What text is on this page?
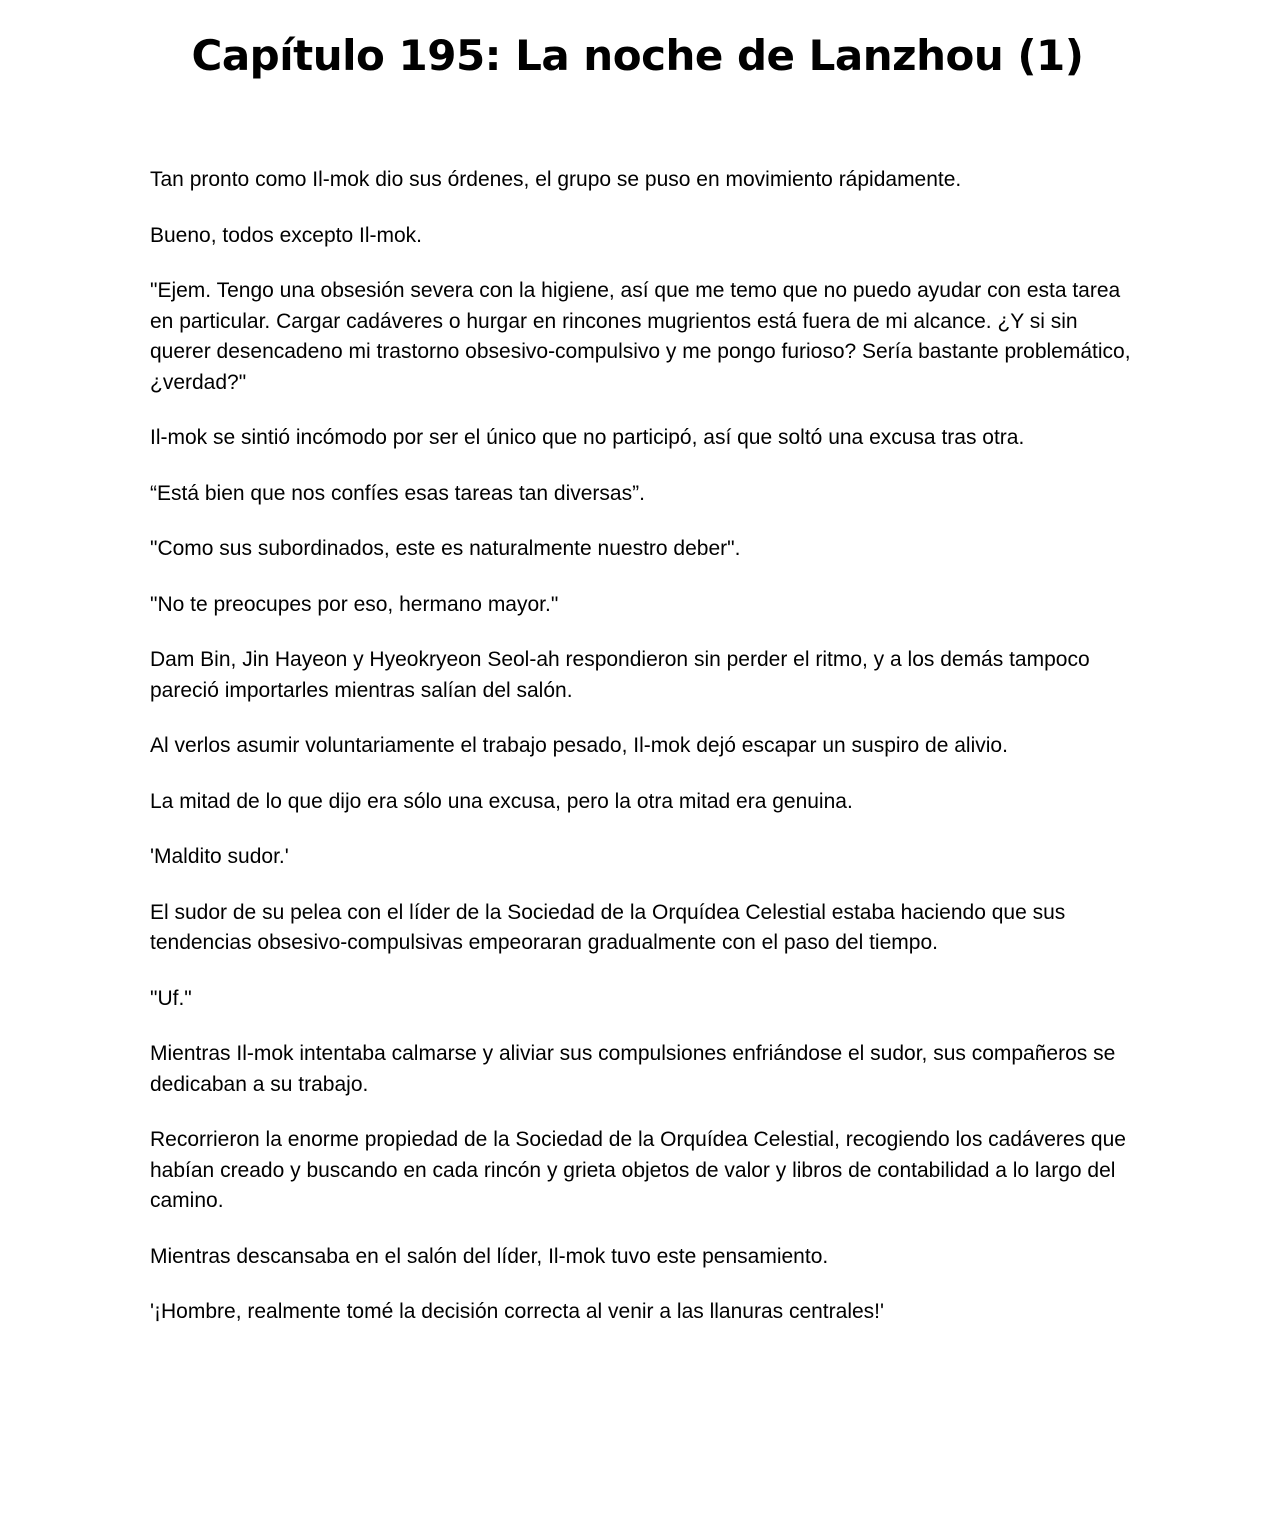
Capítulo 195: La noche de Lanzhou (1)

Tan pronto como Il-mok dio sus órdenes, el grupo se puso en movimiento rápidamente.

Bueno, todos excepto Il-mok.

"Ejem. Tengo una obsesión severa con la higiene, así que me temo que no puedo ayudar con esta tarea en particular. Cargar cadáveres o hurgar en rincones mugrientos está fuera de mi alcance. ¿Y si sin querer desencadeno mi trastorno obsesivo-compulsivo y me pongo furioso? Sería bastante problemático, ¿verdad?"

Il-mok se sintió incómodo por ser el único que no participó, así que soltó una excusa tras otra.

“Está bien que nos confíes esas tareas tan diversas”.

"Como sus subordinados, este es naturalmente nuestro deber".

"No te preocupes por eso, hermano mayor."

Dam Bin, Jin Hayeon y Hyeokryeon Seol-ah respondieron sin perder el ritmo, y a los demás tampoco pareció importarles mientras salían del salón.

Al verlos asumir voluntariamente el trabajo pesado, Il-mok dejó escapar un suspiro de alivio.

La mitad de lo que dijo era sólo una excusa, pero la otra mitad era genuina.

'Maldito sudor.'

El sudor de su pelea con el líder de la Sociedad de la Orquídea Celestial estaba haciendo que sus tendencias obsesivo-compulsivas empeoraran gradualmente con el paso del tiempo.

"Uf."

Mientras Il-mok intentaba calmarse y aliviar sus compulsiones enfriándose el sudor, sus compañeros se dedicaban a su trabajo.

Recorrieron la enorme propiedad de la Sociedad de la Orquídea Celestial, recogiendo los cadáveres que habían creado y buscando en cada rincón y grieta objetos de valor y libros de contabilidad a lo largo del camino.

Mientras descansaba en el salón del líder, Il-mok tuvo este pensamiento.

'¡Hombre, realmente tomé la decisión correcta al venir a las llanuras centrales!'
